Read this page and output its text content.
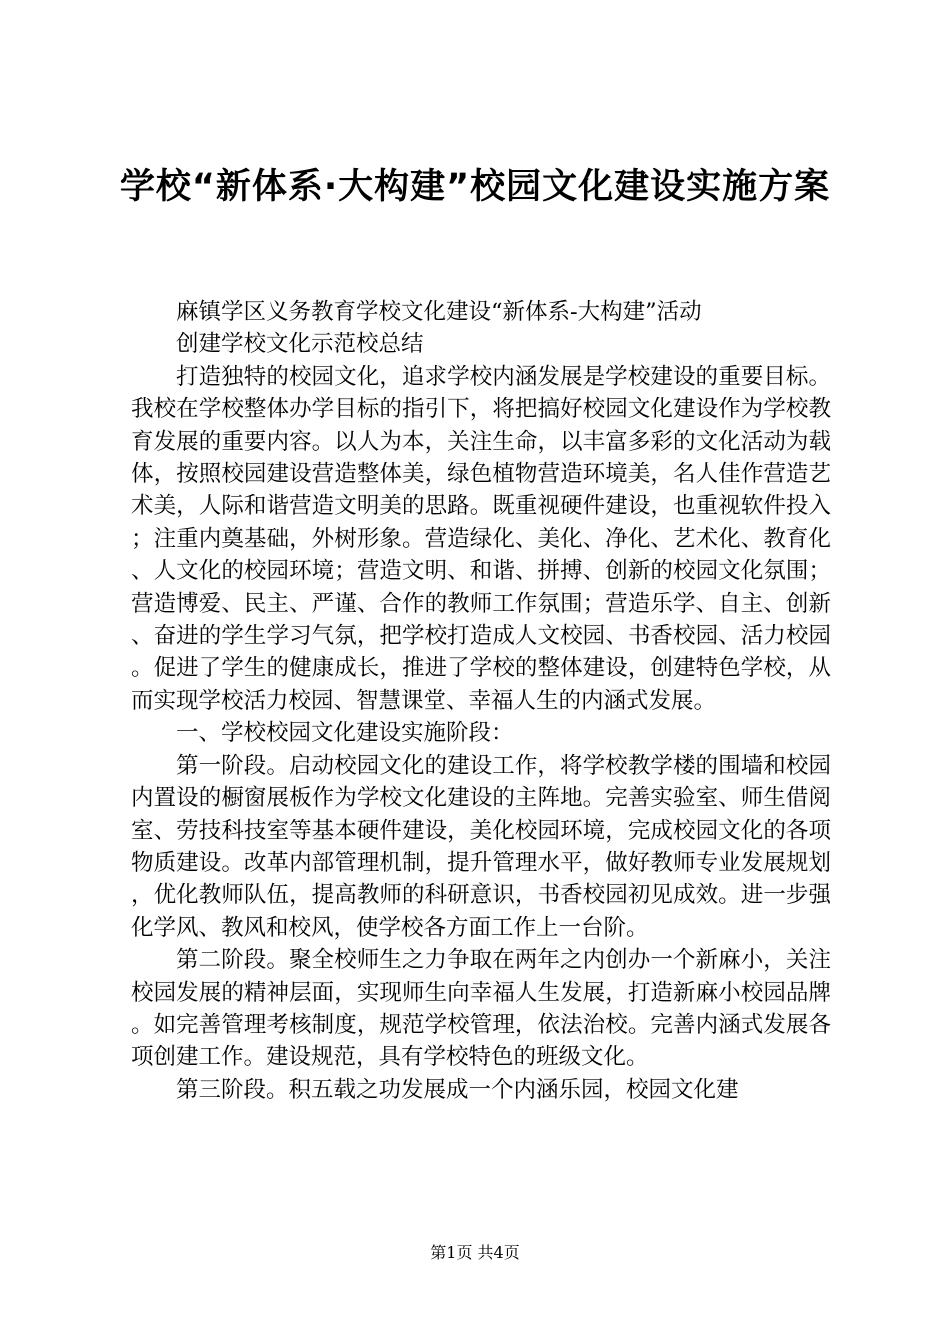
学校“新体系·大构建”校园文化建设实施方案

麻镇学区义务教育学校文化建设“新体系-大构建”活动

创建学校文化示范校总结

打造独特的校园文化，追求学校内涵发展是学校建设的重要目标。我校在学校整体办学目标的指引下，将把搞好校园文化建设作为学校教育发展的重要内容。以人为本，关注生命，以丰富多彩的文化活动为载体，按照校园建设营造整体美，绿色植物营造环境美，名人佳作营造艺术美，人际和谐营造文明美的思路。既重视硬件建设，也重视软件投入；注重内奠基础，外树形象。营造绿化、美化、净化、艺术化、教育化、人文化的校园环境；营造文明、和谐、拼搏、创新的校园文化氛围；营造博爱、民主、严谨、合作的教师工作氛围；营造乐学、自主、创新、奋进的学生学习气氛，把学校打造成人文校园、书香校园、活力校园。促进了学生的健康成长，推进了学校的整体建设，创建特色学校，从而实现学校活力校园、智慧课堂、幸福人生的内涵式发展。

一、学校校园文化建设实施阶段：

第一阶段。启动校园文化的建设工作，将学校教学楼的围墙和校园内置设的橱窗展板作为学校文化建设的主阵地。完善实验室、师生借阅室、劳技科技室等基本硬件建设，美化校园环境，完成校园文化的各项物质建设。改革内部管理机制，提升管理水平，做好教师专业发展规划，优化教师队伍，提高教师的科研意识，书香校园初见成效。进一步强化学风、教风和校风，使学校各方面工作上一台阶。

第二阶段。聚全校师生之力争取在两年之内创办一个新麻小，关注校园发展的精神层面，实现师生向幸福人生发展，打造新麻小校园品牌。如完善管理考核制度，规范学校管理，依法治校。完善内涵式发展各项创建工作。建设规范，具有学校特色的班级文化。

第三阶段。积五载之功发展成一个内涵乐园，校园文化建

第1页 共4页
